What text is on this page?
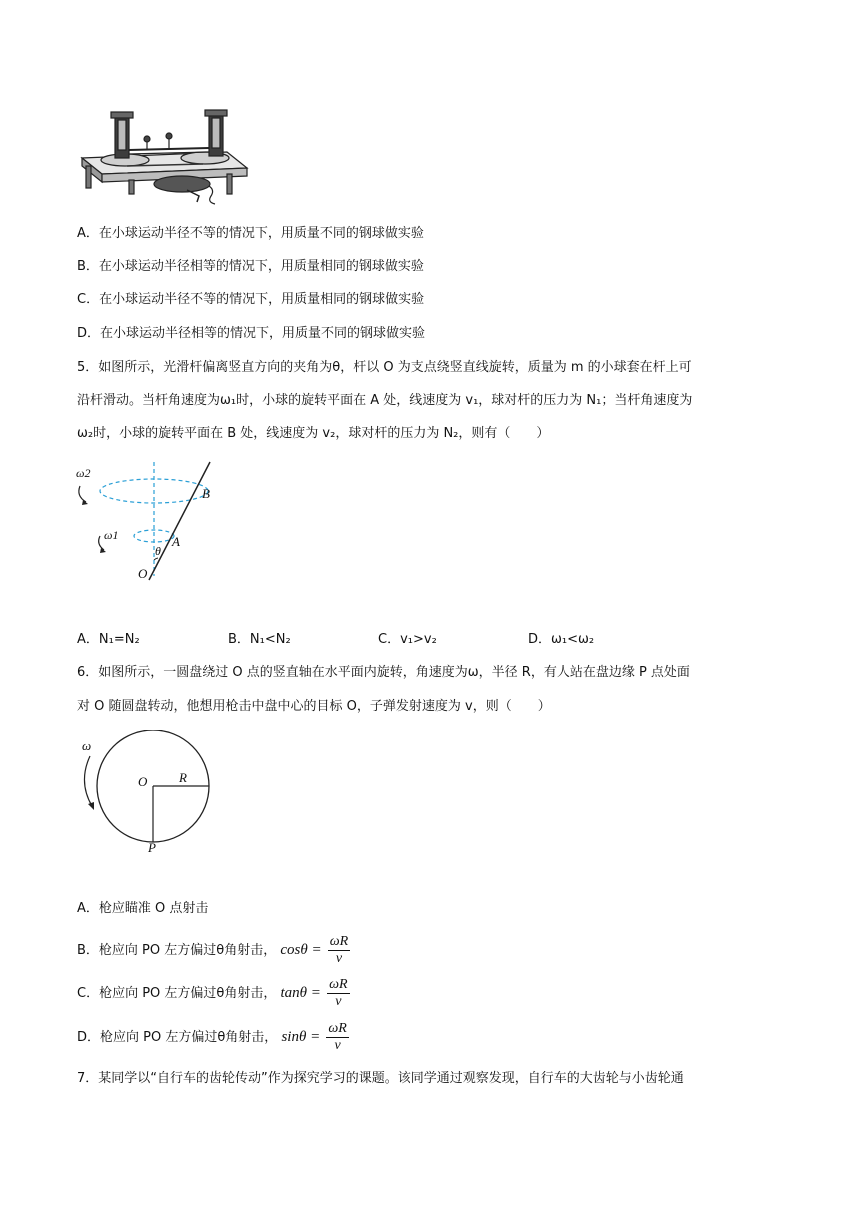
A．在小球运动半径不等的情况下，用质量不同的钢球做实验
B．在小球运动半径相等的情况下，用质量相同的钢球做实验
C．在小球运动半径不等的情况下，用质量相同的钢球做实验
D．在小球运动半径相等的情况下，用质量不同的钢球做实验
5．如图所示，光滑杆偏离竖直方向的夹角为θ，杆以 O 为支点绕竖直线旋转，质量为 m 的小球套在杆上可
沿杆滑动。当杆角速度为ω₁时，小球的旋转平面在 A 处，线速度为 v₁，球对杆的压力为 N₁；当杆角速度为
ω₂时，小球的旋转平面在 B 处，线速度为 v₂，球对杆的压力为 N₂，则有（　　）
ω2
B
ω1	A
θ
O
A．N₁=N₂	B．N₁<N₂	C．v₁>v₂	D．ω₁<ω₂
6．如图所示，一圆盘绕过 O 点的竖直轴在水平面内旋转，角速度为ω，半径 R，有人站在盘边缘 P 点处面
对 O 随圆盘转动，他想用枪击中盘中心的目标 O，子弹发射速度为 v，则（　　）
ω
R
O
P
A．枪应瞄准 O 点射击
B．枪应向 PO 左方偏过θ角射击， $\cos\theta = \frac{\omega R}{v}$
C．枪应向 PO 左方偏过θ角射击， $\tan\theta = \frac{\omega R}{v}$
D．枪应向 PO 左方偏过θ角射击， $\sin\theta = \frac{\omega R}{v}$
7．某同学以“自行车的齿轮传动”作为探究学习的课题。该同学通过观察发现，自行车的大齿轮与小齿轮通
